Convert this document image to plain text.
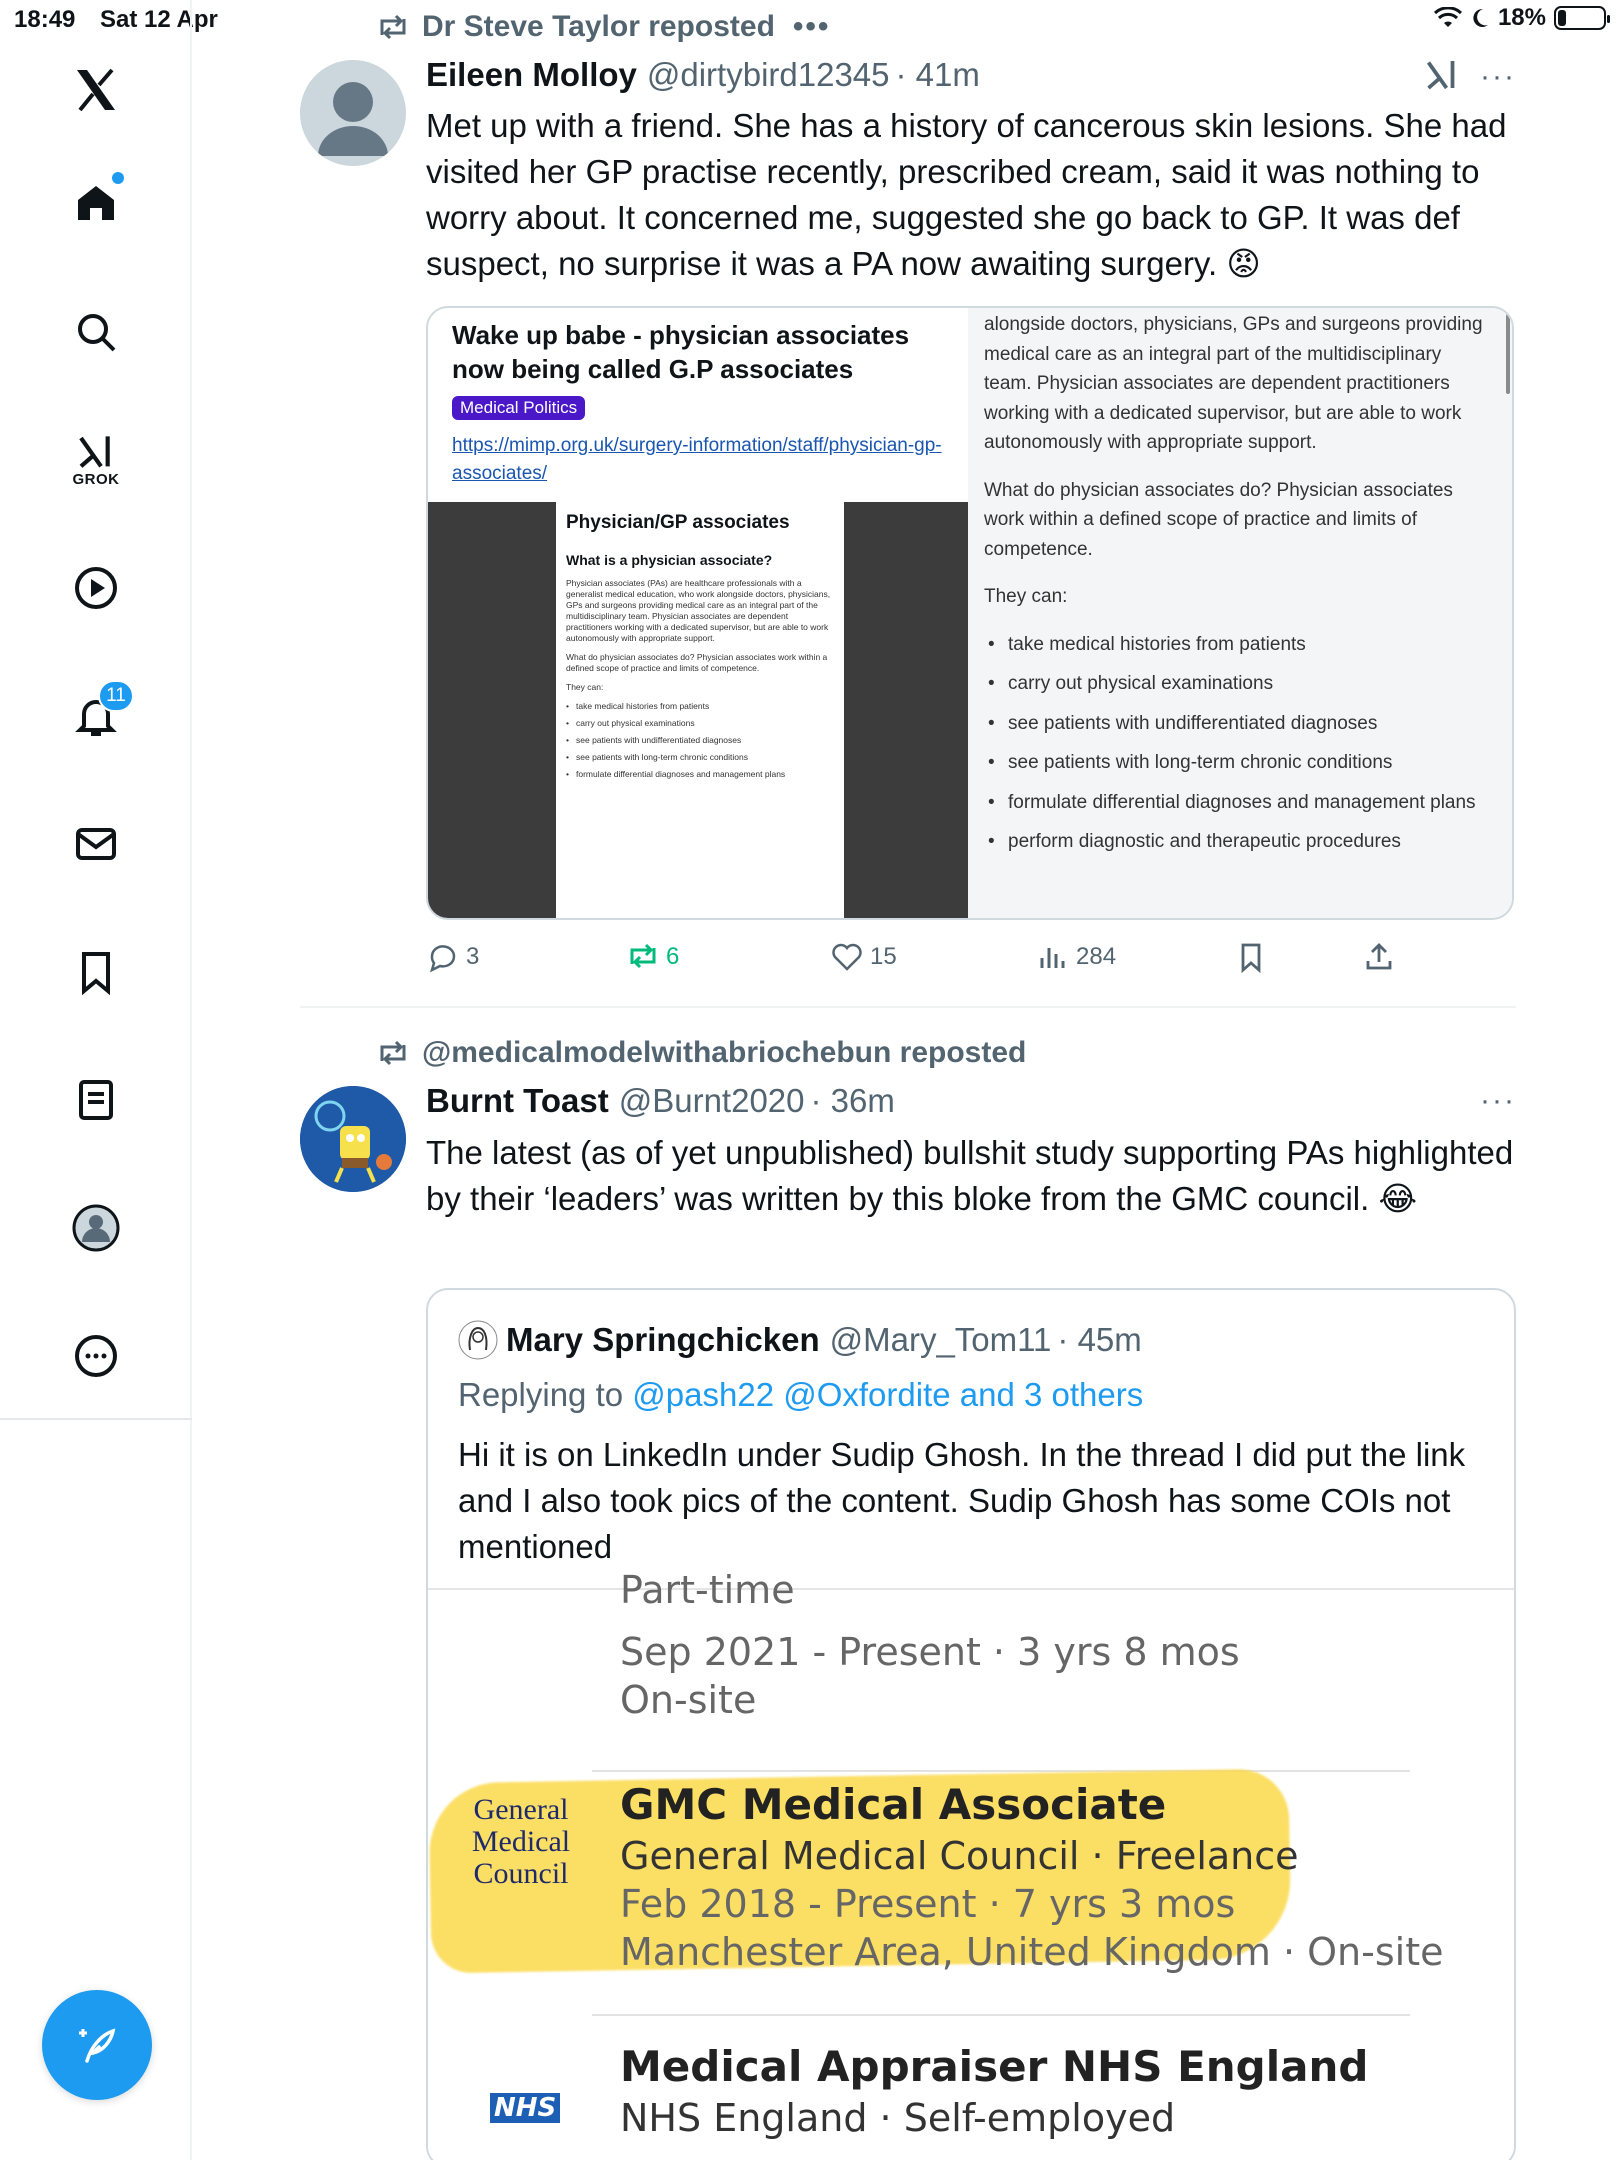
18:49 Sat 12 Apr	18%
GROK
11
Dr Steve Taylor reposted •••
Eileen Molloy @dirtybird12345 · 41m	···
Met up with a friend. She has a history of cancerous skin lesions. She had visited her GP practise recently, prescribed cream, said it was nothing to worry about. It concerned me, suggested she go back to GP. It was def suspect, no surprise it was a PA now awaiting surgery. 😡
Wake up babe - physician associates now being called G.P associates
Medical Politics
https://mimp.org.uk/surgery-information/staff/physician-gp-associates/
Physician/GP associates
What is a physician associate?
Physician associates (PAs) are healthcare professionals with a generalist medical education, who work alongside doctors, physicians, GPs and surgeons providing medical care as an integral part of the multidisciplinary team. Physician associates are dependent practitioners working with a dedicated supervisor, but are able to work autonomously with appropriate support.
What do physician associates do? Physician associates work within a defined scope of practice and limits of competence.
They can:
• take medical histories from patients
• carry out physical examinations
• see patients with undifferentiated diagnoses
• see patients with long-term chronic conditions
• formulate differential diagnoses and management plans

alongside doctors, physicians, GPs and surgeons providing medical care as an integral part of the multidisciplinary team. Physician associates are dependent practitioners working with a dedicated supervisor, but are able to work autonomously with appropriate support.

What do physician associates do? Physician associates work within a defined scope of practice and limits of competence.

They can:

• take medical histories from patients
• carry out physical examinations
• see patients with undifferentiated diagnoses
• see patients with long-term chronic conditions
• formulate differential diagnoses and management plans
• perform diagnostic and therapeutic procedures
3	6	15	284
@medicalmodelwithabriochebun reposted
Burnt Toast @Burnt2020 · 36m	···
The latest (as of yet unpublished) bullshit study supporting PAs highlighted by their ‘leaders’ was written by this bloke from the GMC council. 😂
Mary Springchicken @Mary_Tom11 · 45m
Replying to @pash22 @Oxfordite and 3 others
Hi it is on LinkedIn under Sudip Ghosh. In the thread I did put the link and I also took pics of the content. Sudip Ghosh has some COIs not mentioned
Part-time
Sep 2021 - Present · 3 yrs 8 mos
On-site
General Medical Council
GMC Medical Associate
General Medical Council · Freelance
Feb 2018 - Present · 7 yrs 3 mos
Manchester Area, United Kingdom · On-site
NHS
Medical Appraiser NHS England
NHS England · Self-employed
